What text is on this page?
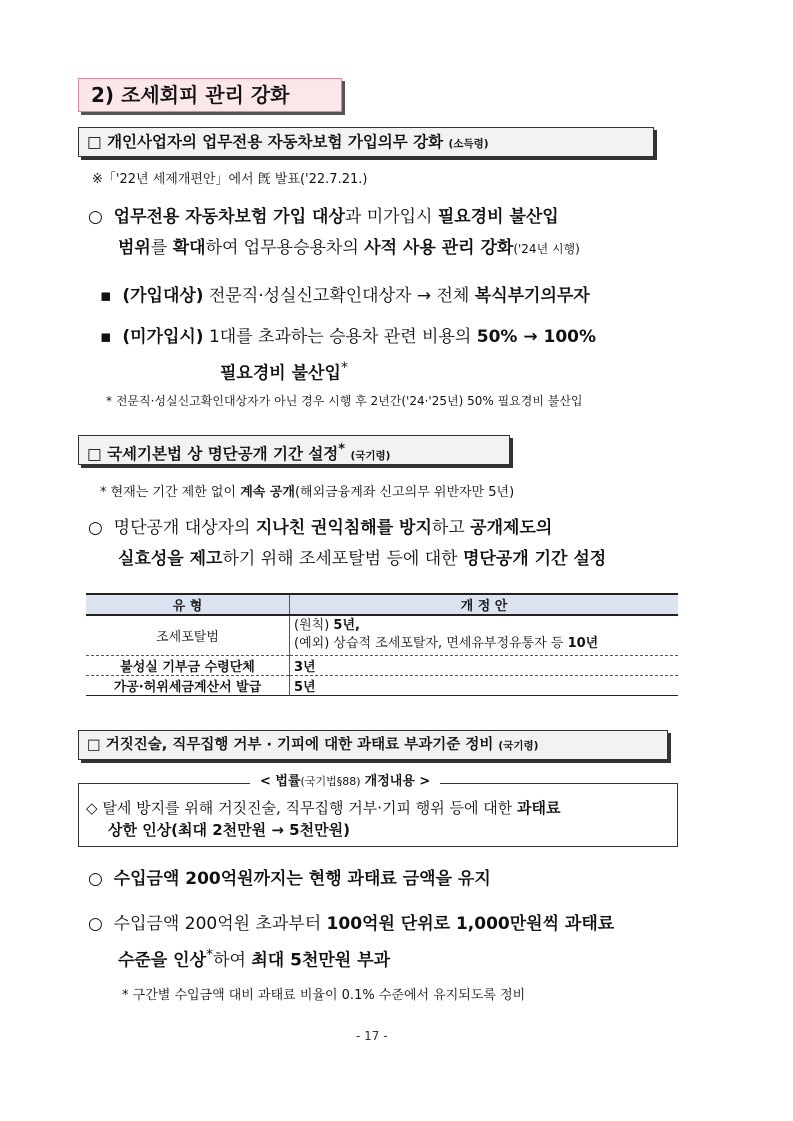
2) 조세회피 관리 강화
□ 개인사업자의 업무전용 자동차보험 가입의무 강화 (소득령)
※「'22년 세제개편안」에서 旣 발표('22.7.21.)
○ 업무전용 자동차보험 가입 대상과 미가입시 필요경비 불산입
범위를 확대하여 업무용승용차의 사적 사용 관리 강화('24년 시행)
▪ (가입대상) 전문직·성실신고확인대상자 → 전체 복식부기의무자
▪ (미가입시) 1대를 초과하는 승용차 관련 비용의 50% → 100%
필요경비 불산입*
* 전문직·성실신고확인대상자가 아닌 경우 시행 후 2년간('24·'25년) 50% 필요경비 불산입
□ 국세기본법 상 명단공개 기간 설정* (국기령)
* 현재는 기간 제한 없이 계속 공개(해외금융계좌 신고의무 위반자만 5년)
○ 명단공개 대상자의 지나친 권익침해를 방지하고 공개제도의
실효성을 제고하기 위해 조세포탈범 등에 대한 명단공개 기간 설정
유 형	개 정 안
조세포탈범	(원칙) 5년,
(예외) 상습적 조세포탈자, 면세유부정유통자 등 10년

불성실 기부금 수령단체	3년
가공·허위세금계산서 발급	5년
□ 거짓진술, 직무집행 거부 · 기피에 대한 과태료 부과기준 정비 (국기령)
< 법률(국기법§88) 개정내용 >
◇ 탈세 방지를 위해 거짓진술, 직무집행 거부·기피 행위 등에 대한 과태료
상한 인상(최대 2천만원 → 5천만원)
○ 수입금액 200억원까지는 현행 과태료 금액을 유지
○ 수입금액 200억원 초과부터 100억원 단위로 1,000만원씩 과태료
수준을 인상*하여 최대 5천만원 부과
* 구간별 수입금액 대비 과태료 비율이 0.1% 수준에서 유지되도록 정비
- 17 -
